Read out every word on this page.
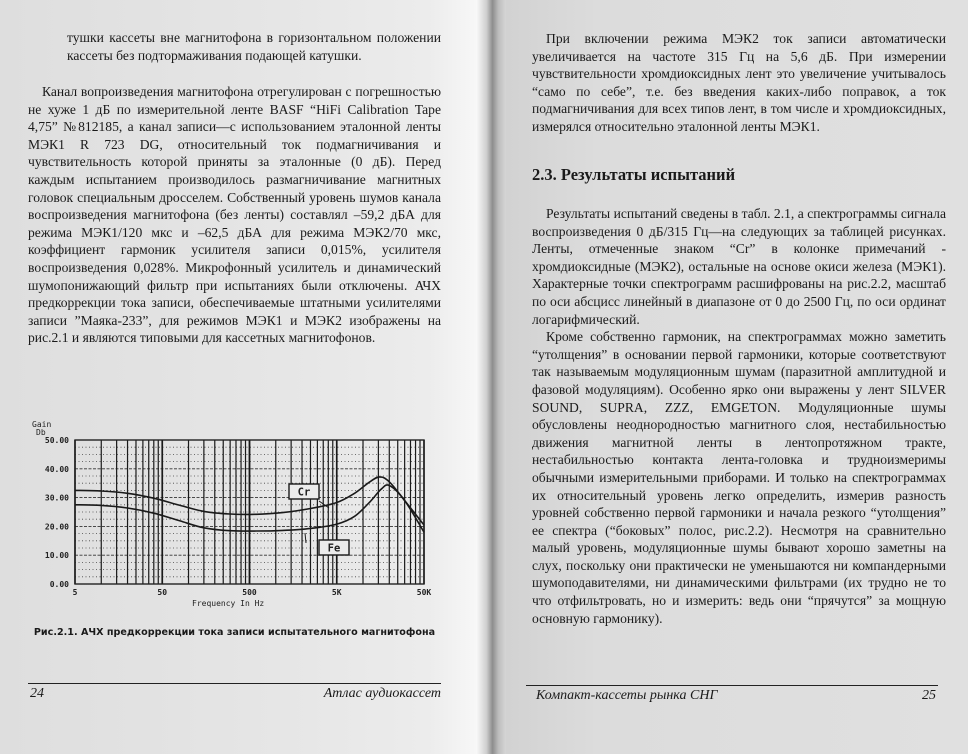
тушки кассеты вне магнитофона в горизонтальном положении кассеты без подтормаживания подающей катушки.

Канал вопроизведения магнитофона отрегулирован с погрешностью не хуже 1 дБ по измерительной ленте BASF “HiFi Calibration Tape 4,75” №812185, а канал записи—с использованием эталонной ленты МЭК1 R 723 DG, относительный ток подмагничивания и чувствительность которой приняты за эталонные (0 дБ). Перед каждым испытанием производилось размагничивание магнитных головок специальным дросселем. Собственный уровень шумов канала воспроизведения магнитофона (без ленты) составлял –59,2 дБА для режима МЭК1/120 мкс и –62,5 дБА для режима МЭК2/70 мкс, коэффициент гармоник усилителя записи 0,015%, усилителя воспроизведения 0,028%. Микрофонный усилитель и динамический шумопонижающий фильтр при испытаниях были отключены. АЧХ предкоррекции тока записи, обеспечиваемые штатными усилителями записи ”Маяка-233”, для режимов МЭК1 и МЭК2 изображены на рис.2.1 и являются типовыми для кассетных магнитофонов.

Cr
Fe
0.00
10.00
20.00
30.00
40.00
50.00
5	50	500	5K	50K
Gain
Db
Frequency In Hz
Рис.2.1. АЧХ предкоррекции тока записи испытательного магнитофона
24	Атлас аудиокассет

При включении режима МЭК2 ток записи автоматически увеличивается на частоте 315 Гц на 5,6 дБ. При измерении чувствительности хромдиоксидных лент это увеличение учитывалось “само по себе”, т.е. без введения каких-либо поправок, а ток подмагничивания для всех типов лент, в том числе и хромдиоксидных, измерялся относительно эталонной ленты МЭК1.

2.3. Результаты испытаний

Результаты испытаний сведены в табл. 2.1, а спектрограммы сигнала воспроизведения 0 дБ/315 Гц—на следующих за таблицей рисунках. Ленты, отмеченные знаком “Cr” в колонке примечаний - хромдиоксидные (МЭК2), остальные на основе окиси железа (МЭК1). Характерные точки спектрограмм расшифрованы на рис.2.2, масштаб по оси абсцисс линейный в диапазоне от 0 до 2500 Гц, по оси ординат логарифмический.

Кроме собственно гармоник, на спектрограммах можно заметить “утолщения” в основании первой гармоники, которые соответствуют так называемым модуляционным шумам (паразитной амплитудной и фазовой модуляциям). Особенно ярко они выражены у лент SILVER SOUND, SUPRA, ZZZ, EMGETON. Модуляционные шумы обусловлены неоднородностью магнитного слоя, нестабильностью движения магнитной ленты в лентопротяжном тракте, нестабильностью контакта лента-головка и трудноизмеримы обычными измерительными приборами. И только на спектрограммах их относительный уровень легко определить, измерив разность уровней собственно первой гармоники и начала резкого “утолщения” ее спектра (“боковых” полос, рис.2.2). Несмотря на сравнительно малый уровень, модуляционные шумы бывают хорошо заметны на слух, поскольку они практически не уменьшаются ни компандерными шумоподавителями, ни динамическими фильтрами (их трудно не то что отфильтровать, но и измерить: ведь они “прячутся” за мощную основную гармонику).

Компакт-кассеты рынка СНГ	25
